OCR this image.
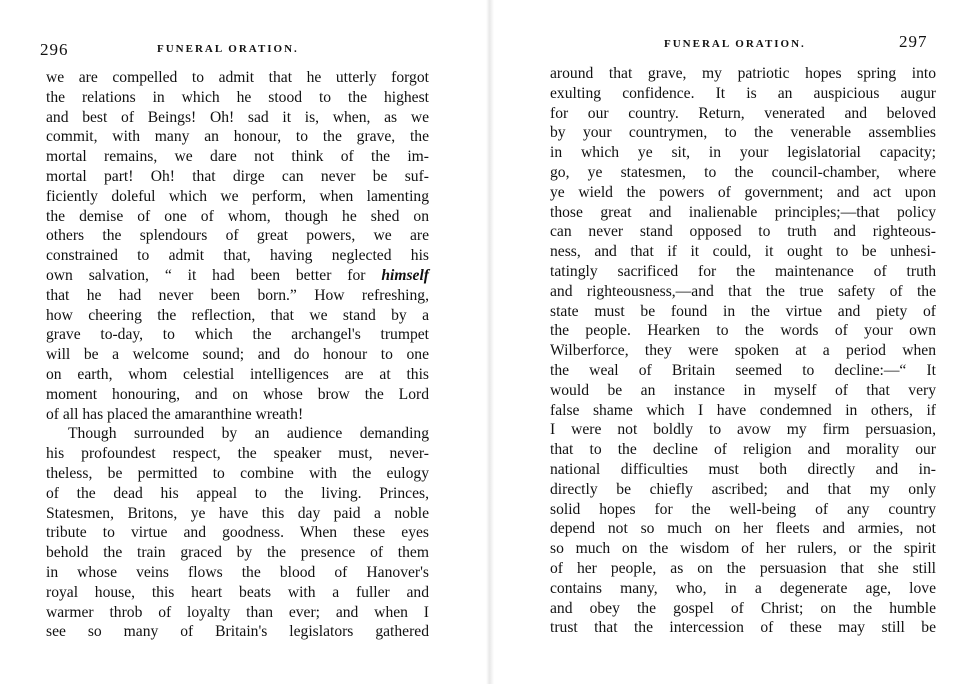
296	FUNERAL ORATION.
we are compelled to admit that he utterly forgot
the relations in which he stood to the highest
and best of Beings! Oh! sad it is, when, as we
commit, with many an honour, to the grave, the
mortal remains, we dare not think of the im-
mortal part! Oh! that dirge can never be suf-
ficiently doleful which we perform, when lamenting
the demise of one of whom, though he shed on
others the splendours of great powers, we are
constrained to admit that, having neglected his
own salvation, “ it had been better for himself
that he had never been born.” How refreshing,
how cheering the reflection, that we stand by a
grave to-day, to which the archangel's trumpet
will be a welcome sound; and do honour to one
on earth, whom celestial intelligences are at this
moment honouring, and on whose brow the Lord
of all has placed the amaranthine wreath!
Though surrounded by an audience demanding
his profoundest respect, the speaker must, never-
theless, be permitted to combine with the eulogy
of the dead his appeal to the living. Princes,
Statesmen, Britons, ye have this day paid a noble
tribute to virtue and goodness. When these eyes
behold the train graced by the presence of them
in whose veins flows the blood of Hanover's
royal house, this heart beats with a fuller and
warmer throb of loyalty than ever; and when I
see so many of Britain's legislators gathered
FUNERAL ORATION.	297
around that grave, my patriotic hopes spring into
exulting confidence. It is an auspicious augur
for our country. Return, venerated and beloved
by your countrymen, to the venerable assemblies
in which ye sit, in your legislatorial capacity;
go, ye statesmen, to the council-chamber, where
ye wield the powers of government; and act upon
those great and inalienable principles;—that policy
can never stand opposed to truth and righteous-
ness, and that if it could, it ought to be unhesi-
tatingly sacrificed for the maintenance of truth
and righteousness,—and that the true safety of the
state must be found in the virtue and piety of
the people. Hearken to the words of your own
Wilberforce, they were spoken at a period when
the weal of Britain seemed to decline:—“ It
would be an instance in myself of that very
false shame which I have condemned in others, if
I were not boldly to avow my firm persuasion,
that to the decline of religion and morality our
national difficulties must both directly and in-
directly be chiefly ascribed; and that my only
solid hopes for the well-being of any country
depend not so much on her fleets and armies, not
so much on the wisdom of her rulers, or the spirit
of her people, as on the persuasion that she still
contains many, who, in a degenerate age, love
and obey the gospel of Christ; on the humble
trust that the intercession of these may still be
